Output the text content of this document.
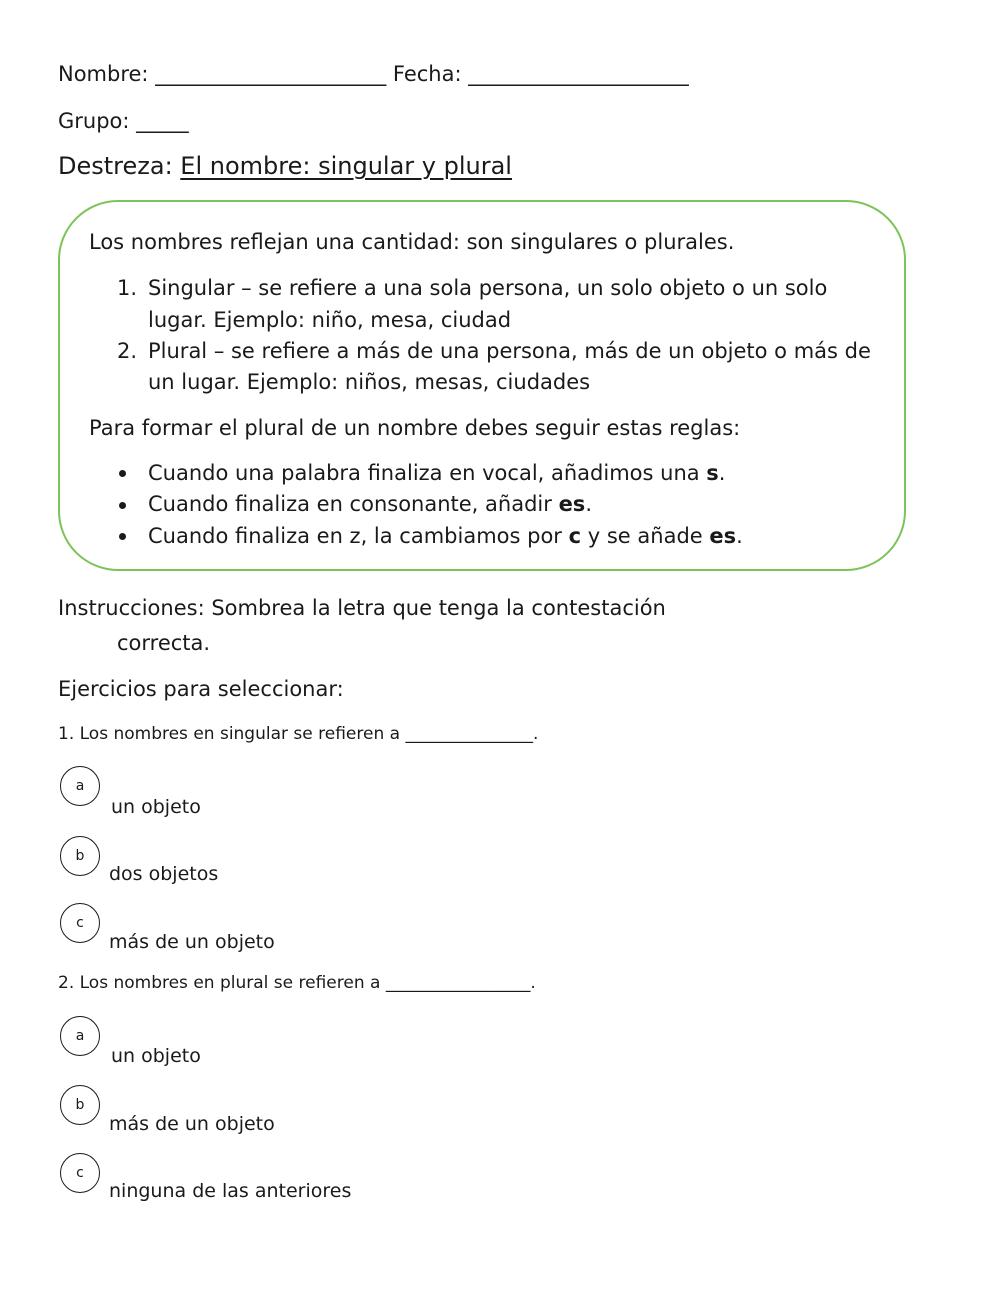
Nombre: ______________________ Fecha: _____________________
Grupo: _____
Destreza: El nombre: singular y plural
Los nombres reflejan una cantidad: son singulares o plurales.
1. Singular – se refiere a una sola persona, un solo objeto o un solo
lugar. Ejemplo: niño, mesa, ciudad
2. Plural – se refiere a más de una persona, más de un objeto o más de
un lugar. Ejemplo: niños, mesas, ciudades
Para formar el plural de un nombre debes seguir estas reglas:
Cuando una palabra finaliza en vocal, añadimos una s.
Cuando finaliza en consonante, añadir es.
Cuando finaliza en z, la cambiamos por c y se añade es.
Instrucciones: Sombrea la letra que tenga la contestación
correcta.
Ejercicios para seleccionar:
1. Los nombres en singular se refieren a _______________.
a
un objeto
b
dos objetos
c
más de un objeto
2. Los nombres en plural se refieren a _________________.
a
un objeto
b
más de un objeto
c
ninguna de las anteriores
